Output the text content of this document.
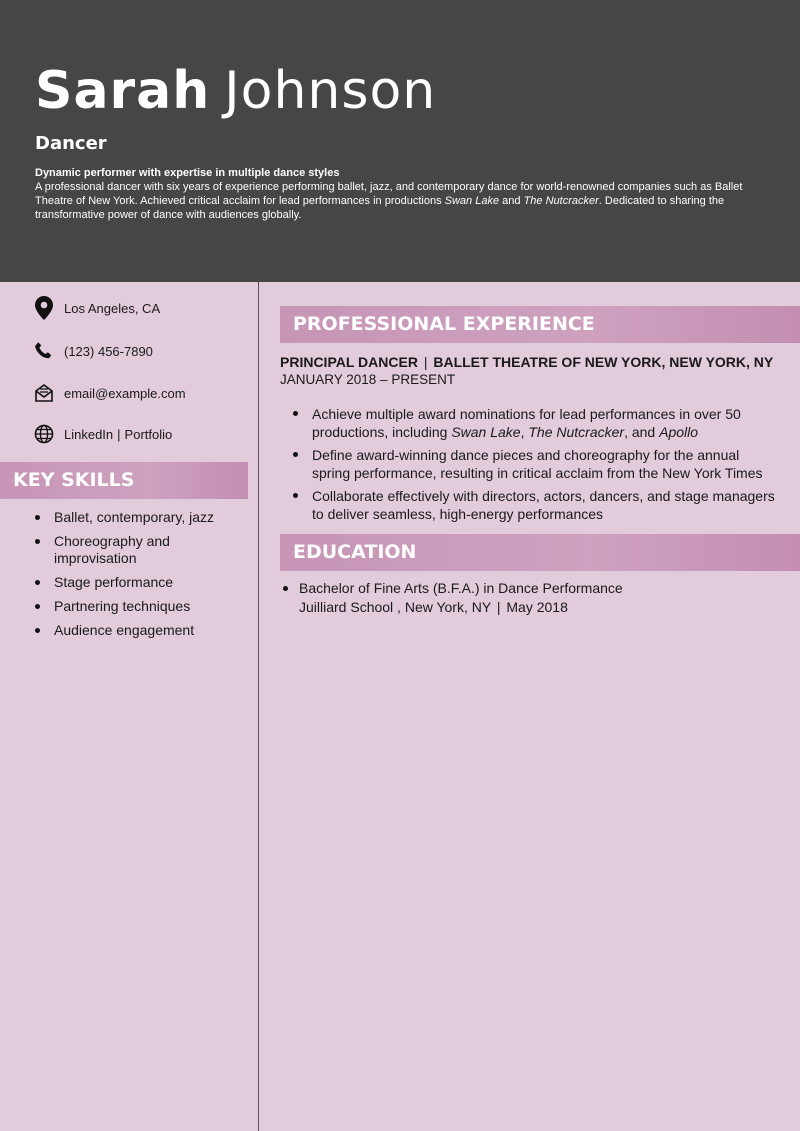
Sarah Johnson
Dancer
Dynamic performer with expertise in multiple dance styles
A professional dancer with six years of experience performing ballet, jazz, and contemporary dance for world-renowned companies such as Ballet Theatre of New York. Achieved critical acclaim for lead performances in productions Swan Lake and The Nutcracker. Dedicated to sharing the transformative power of dance with audiences globally.
Los Angeles, CA
(123) 456-7890
email@example.com
LinkedIn | Portfolio
KEY SKILLS
Ballet, contemporary, jazz
Choreography and improvisation
Stage performance
Partnering techniques
Audience engagement
PROFESSIONAL EXPERIENCE
PRINCIPAL DANCER | BALLET THEATRE OF NEW YORK, NEW YORK, NY
JANUARY 2018 – PRESENT
Achieve multiple award nominations for lead performances in over 50 productions, including Swan Lake, The Nutcracker, and Apollo
Define award-winning dance pieces and choreography for the annual spring performance, resulting in critical acclaim from the New York Times
Collaborate effectively with directors, actors, dancers, and stage managers to deliver seamless, high-energy performances
EDUCATION
Bachelor of Fine Arts (B.F.A.) in Dance Performance
Juilliard School , New York, NY | May 2018
